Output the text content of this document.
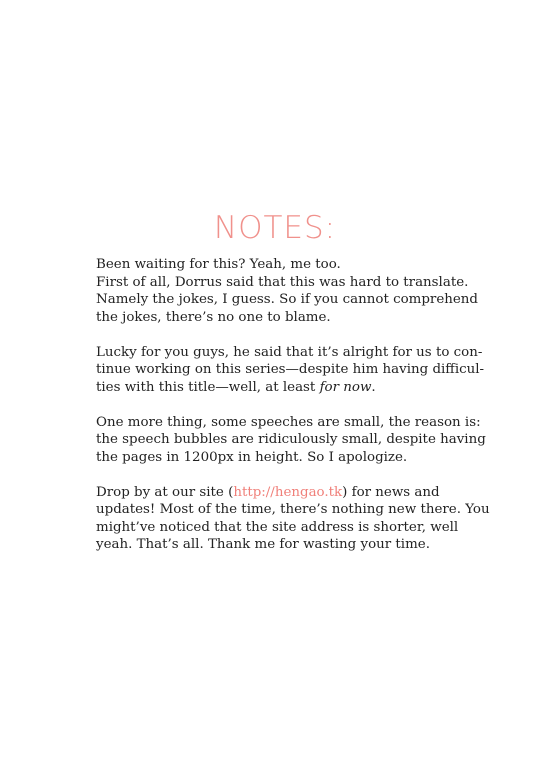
NOTES:

Been waiting for this? Yeah, me too.
First of all, Dorrus said that this was hard to translate.
Namely the jokes, I guess. So if you cannot comprehend
the jokes, there’s no one to blame.

Lucky for you guys, he said that it’s alright for us to con-
tinue working on this series—despite him having difficul-
ties with this title—well, at least for now.

One more thing, some speeches are small, the reason is:
the speech bubbles are ridiculously small, despite having
the pages in 1200px in height. So I apologize.

Drop by at our site (http://hengao.tk) for news and
updates! Most of the time, there’s nothing new there. You
might’ve noticed that the site address is shorter, well
yeah. That’s all. Thank me for wasting your time.
